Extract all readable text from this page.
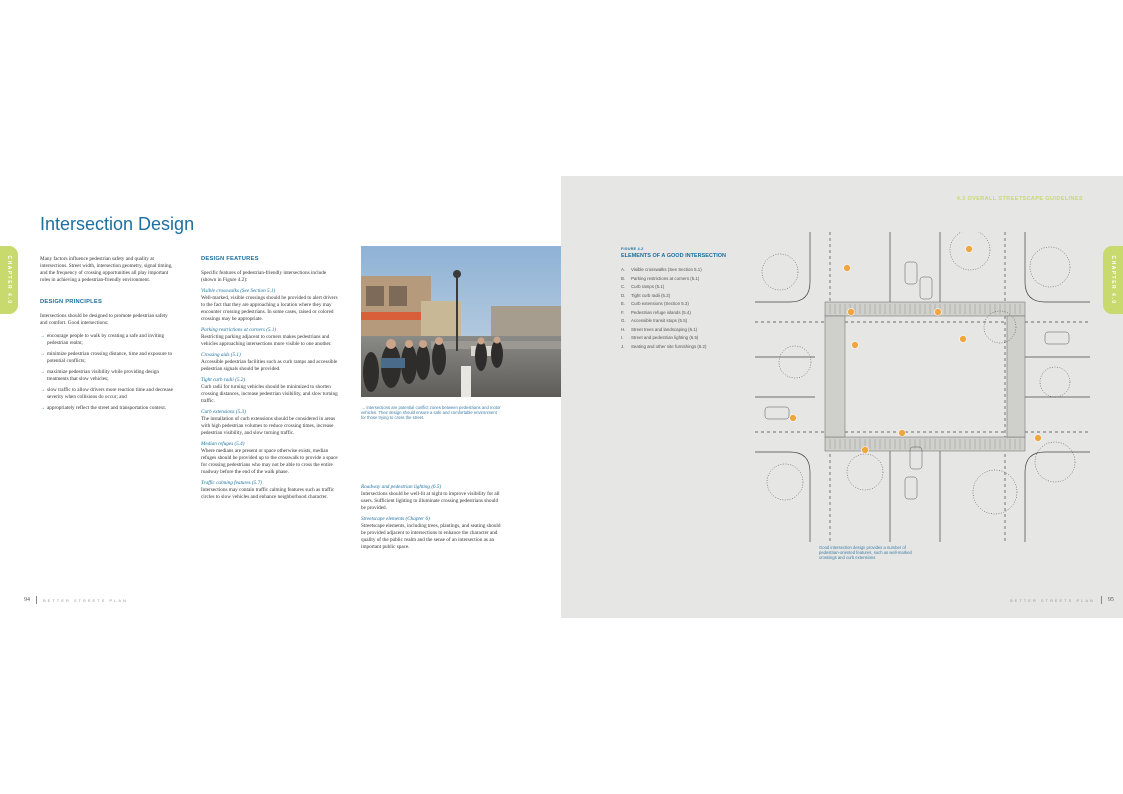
CHAPTER 4.0
Intersection Design
Many factors influence pedestrian safety and quality at intersections. Street width, intersection geometry, signal timing, and the frequency of crossing opportunities all play important roles in achieving a pedestrian-friendly environment.
DESIGN PRINCIPLES
Intersections should be designed to promote pedestrian safety and comfort. Good intersections:
→ encourage people to walk by creating a safe and inviting pedestrian realm;
→ minimize pedestrian crossing distance, time and exposure to potential conflicts;
→ maximize pedestrian visibility while providing design treatments that slow vehicles;
→ slow traffic to allow drivers more reaction time and decrease severity when collisions do occur; and
→ appropriately reflect the street and transportation context.
DESIGN FEATURES
Specific features of pedestrian-friendly intersections include (shown in Figure 4.2):
Visible crosswalks (See Section 5.1)
Well-marked, visible crossings should be provided to alert drivers to the fact that they are approaching a location where they may encounter crossing pedestrians. In some cases, raised or colored crossings may be appropriate.
Parking restrictions at corners (5.1)
Restricting parking adjacent to corners makes pedestrians and vehicles approaching intersections more visible to one another.
Crossing aids (5.1)
Accessible pedestrian facilities such as curb ramps and accessible pedestrian signals should be provided.
Tight curb radii (5.2)
Curb radii for turning vehicles should be minimized to shorten crossing distances, increase pedestrian visibility, and slow turning traffic.
Curb extensions (5.3)
The installation of curb extensions should be considered in areas with high pedestrian volumes to reduce crossing times, increase pedestrian visibility, and slow turning traffic.
Median refuges (5.4)
Where medians are present or space otherwise exists, median refuges should be provided up to the crosswalk to provide a space for crossing pedestrians who may not be able to cross the entire roadway before the end of the walk phase.
Traffic calming features (5.7)
Intersections may contain traffic calming features such as traffic circles to slow vehicles and enhance neighborhood character.
→ Intersections are potential conflict zones between pedestrians and motor vehicles. Their design should ensure a safe and comfortable environment for those trying to cross the street.
Roadway and pedestrian lighting (6.5)
Intersections should be well-lit at night to improve visibility for all users. Sufficient lighting to illuminate crossing pedestrians should be provided.
Streetscape elements (Chapter 6)
Streetscape elements, including trees, plantings, and seating should be provided adjacent to intersections to enhance the character and quality of the public realm and the sense of an intersection as an important public space.
94	BETTER STREETS PLAN
4.3 OVERALL STREETSCAPE GUIDELINES
CHAPTER 4.0
FIGURE 4.2
ELEMENTS OF A GOOD INTERSECTION
A. Visible crosswalks (See Section 5.1)
B. Parking restrictions at corners (5.1)
C. Curb ramps (5.1)
D. Tight curb radii (5.2)
E. Curb extensions (Section 5.3)
F. Pedestrian refuge islands (5.4)
G. Accessible transit stops (5.5)
H. Street trees and landscaping (6.1)
I. Street and pedestrian lighting (6.5)
J. Seating and other site furnishings (6.2)
Good intersection design provides a number of pedestrian-oriented features, such as well-marked crossings and curb extensions
BETTER STREETS PLAN 95
